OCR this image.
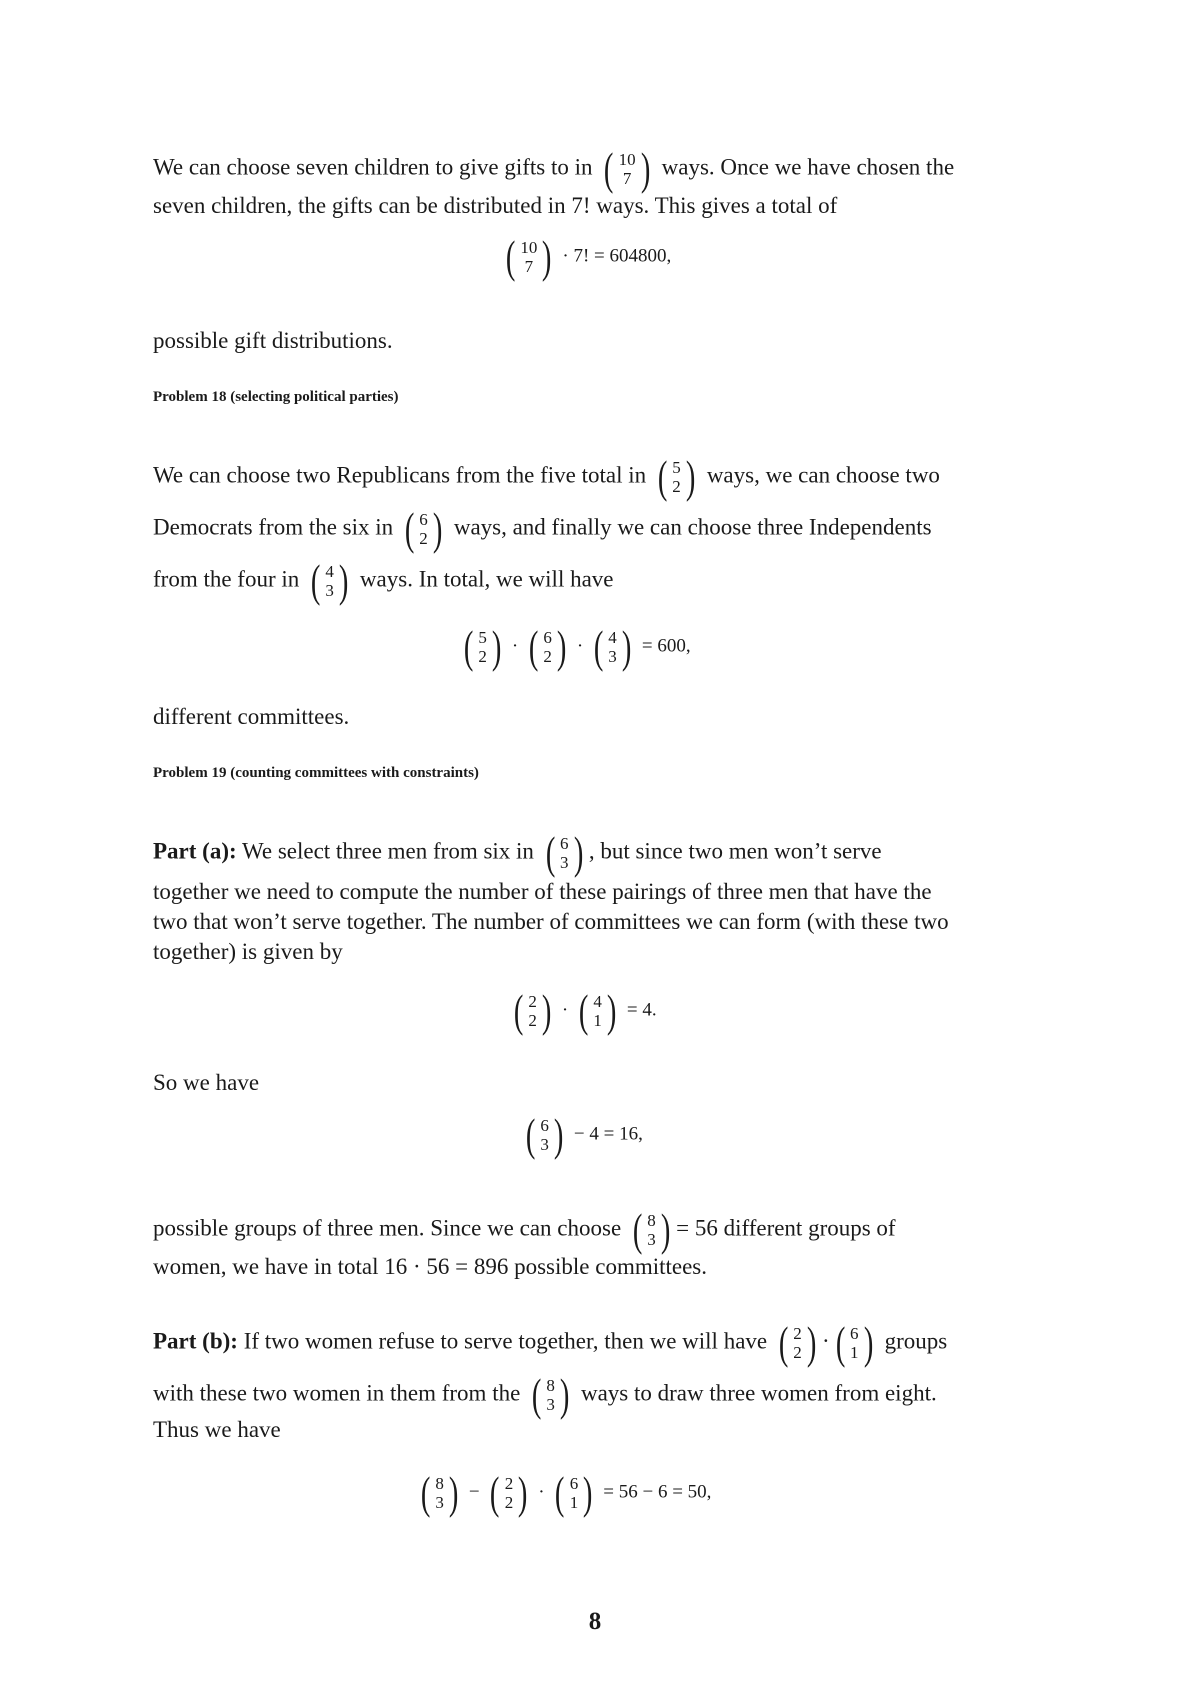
We can choose seven children to give gifts to in ( 10
7 ) ways. Once we have chosen the
seven children, the gifts can be distributed in 7! ways. This gives a total of
( 10
7 ) · 7! = 604800,
possible gift distributions.
Problem 18 (selecting political parties)
We can choose two Republicans from the five total in ( 5
2 ) ways, we can choose two
Democrats from the six in ( 6
2 ) ways, and finally we can choose three Independents
from the four in ( 4
3 ) ways. In total, we will have
( 5
2 ) · ( 6
2 ) · ( 4
3 ) = 600,
different committees.
Problem 19 (counting committees with constraints)
Part (a): We select three men from six in ( 6
3 ) , but since two men won’t serve
together we need to compute the number of these pairings of three men that have the
two that won’t serve together. The number of committees we can form (with these two
together) is given by
( 2
2 ) · ( 4
1 ) = 4.
So we have
( 6
3 ) − 4 = 16,
possible groups of three men. Since we can choose ( 8
3 ) = 56 different groups of
women, we have in total 16 · 56 = 896 possible committees.
Part (b): If two women refuse to serve together, then we will have ( 2
2 ) · ( 6
1 ) groups
with these two women in them from the ( 8
3 ) ways to draw three women from eight.
Thus we have
( 8
3 ) − ( 2
2 ) · ( 6
1 ) = 56 − 6 = 50,
8
